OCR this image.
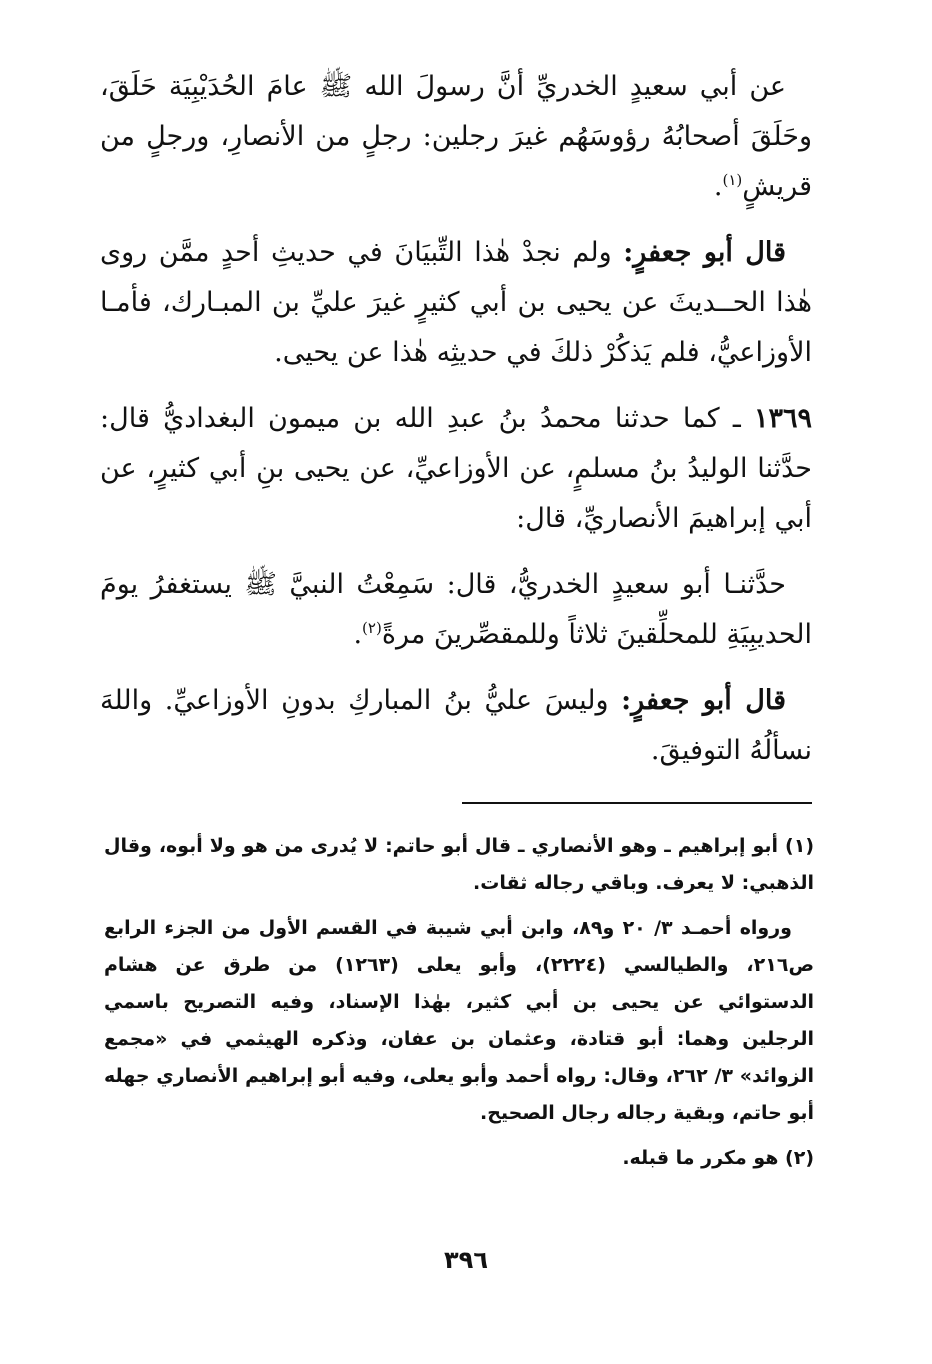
عن أبي سعيدٍ الخدريِّ أنَّ رسولَ الله ﷺ عامَ الحُدَيْبِيَة حَلَقَ، وحَلَقَ أصحابُهُ رؤوسَهُم غيرَ رجلين: رجلٍ من الأنصارِ، ورجلٍ من قريشٍ$^{(١)}$.

قال أبو جعفرٍ: ولم نجدْ هٰذا التِّبيَانَ في حديثِ أحدٍ ممَّن روى هٰذا الحــديثَ عن يحيى بن أبي كثيرٍ غيرَ عليِّ بن المبـارك، فأمـا الأوزاعيُّ، فلم يَذكُرْ ذلكَ في حديثِه هٰذا عن يحيى.

١٣٦٩ ـ كما حدثنا محمدُ بنُ عبدِ الله بن ميمون البغداديُّ قال: حدَّثنا الوليدُ بنُ مسلمٍ، عن الأوزاعيِّ، عن يحيى بنِ أبي كثيرٍ، عن أبي إبراهيمَ الأنصاريِّ، قال:

حدَّثنـا أبو سعيدٍ الخدريُّ، قال: سَمِعْتُ النبيَّ ﷺ يستغفرُ يومَ الحديبِيَةِ للمحلِّقينَ ثلاثاً وللمقصِّرينَ مرةً$^{(٢)}$.

قال أبو جعفرٍ: وليسَ عليُّ بنُ المباركِ بدونِ الأوزاعيِّ. واللهَ نسألُهُ التوفيقَ.

(١) أبو إبراهيم ـ وهو الأنصاري ـ قال أبو حاتم: لا يُدرى من هو ولا أبوه، وقال الذهبي: لا يعرف. وباقي رجاله ثقات.

ورواه أحمـد ٣/ ٢٠ و٨٩، وابن أبي شيبة في القسم الأول من الجزء الرابع ص٢١٦، والطيالسي (٢٢٢٤)، وأبو يعلى (١٢٦٣) من طرق عن هشام الدستوائي عن يحيى بن أبي كثير، بهٰذا الإسناد، وفيه التصريح باسمي الرجلين وهما: أبو قتادة، وعثمان بن عفان، وذكره الهيثمي في «مجمع الزوائد» ٣/ ٢٦٢، وقال: رواه أحمد وأبو يعلى، وفيه أبو إبراهيم الأنصاري جهله أبو حاتم، وبقية رجاله رجال الصحيح.

(٢) هو مكرر ما قبله.

٣٩٦
